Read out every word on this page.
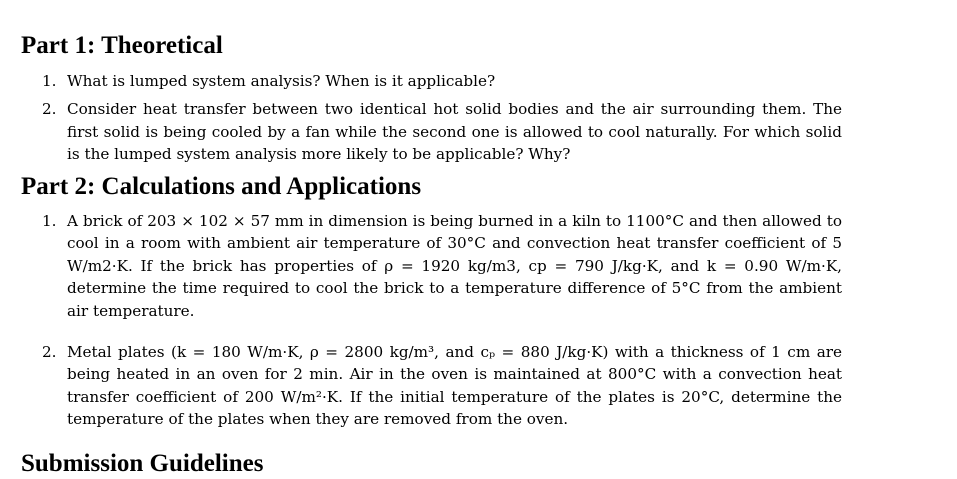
Part 1: Theoretical
1. What is lumped system analysis? When is it applicable?
2. Consider heat transfer between two identical hot solid bodies and the air surrounding them. The first solid is being cooled by a fan while the second one is allowed to cool naturally. For which solid is the lumped system analysis more likely to be applicable? Why?
Part 2: Calculations and Applications
1. A brick of 203 × 102 × 57 mm in dimension is being burned in a kiln to 1100°C and then allowed to cool in a room with ambient air temperature of 30°C and convection heat transfer coefficient of 5 W/m2·K. If the brick has properties of ρ = 1920 kg/m3, cp = 790 J/kg·K, and k = 0.90 W/m·K, determine the time required to cool the brick to a temperature difference of 5°C from the ambient air temperature.
2. Metal plates (k = 180 W/m·K, ρ = 2800 kg/m³, and cₚ = 880 J/kg·K) with a thickness of 1 cm are being heated in an oven for 2 min. Air in the oven is maintained at 800°C with a convection heat transfer coefficient of 200 W/m²·K. If the initial temperature of the plates is 20°C, determine the temperature of the plates when they are removed from the oven.
Submission Guidelines
